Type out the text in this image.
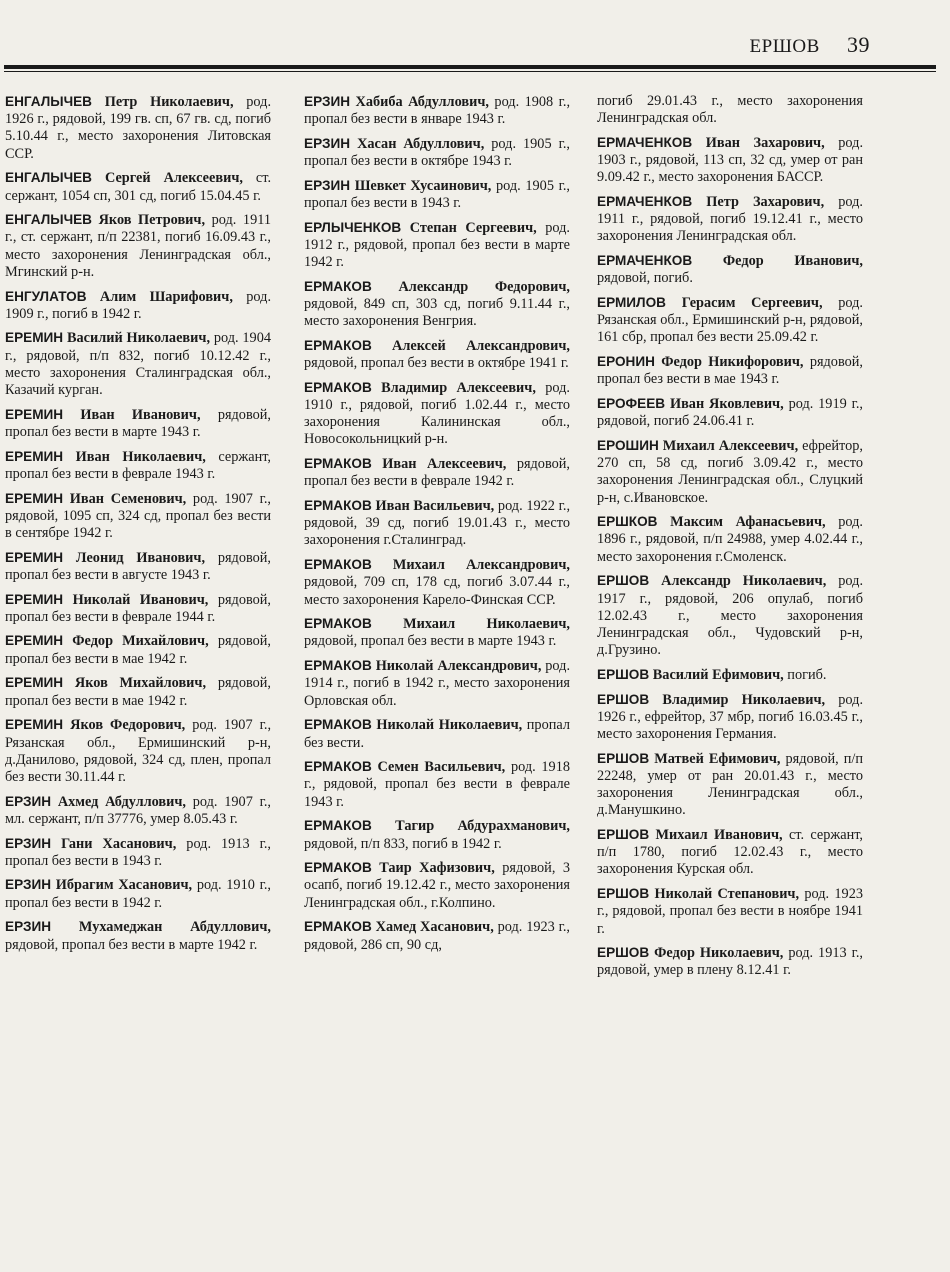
ЕРШОВ 39

ЕНГАЛЫЧЕВ Петр Николаевич, род. 1926 г., рядовой, 199 гв. сп, 67 гв. сд, погиб 5.10.44 г., место захоронения Литовская ССР.

ЕНГАЛЫЧЕВ Сергей Алексеевич, ст. сержант, 1054 сп, 301 сд, погиб 15.04.45 г.

ЕНГАЛЫЧЕВ Яков Петрович, род. 1911 г., ст. сержант, п/п 22381, погиб 16.09.43 г., место захоронения Ленинградская обл., Мгинский р-н.

ЕНГУЛАТОВ Алим Шарифович, род. 1909 г., погиб в 1942 г.

ЕРЕМИН Василий Николаевич, род. 1904 г., рядовой, п/п 832, погиб 10.12.42 г., место захоронения Сталинградская обл., Казачий курган.

ЕРЕМИН Иван Иванович, рядовой, пропал без вести в марте 1943 г.

ЕРЕМИН Иван Николаевич, сержант, пропал без вести в феврале 1943 г.

ЕРЕМИН Иван Семенович, род. 1907 г., рядовой, 1095 сп, 324 сд, пропал без вести в сентябре 1942 г.

ЕРЕМИН Леонид Иванович, рядовой, пропал без вести в августе 1943 г.

ЕРЕМИН Николай Иванович, рядовой, пропал без вести в феврале 1944 г.

ЕРЕМИН Федор Михайлович, рядовой, пропал без вести в мае 1942 г.

ЕРЕМИН Яков Михайлович, рядовой, пропал без вести в мае 1942 г.

ЕРЕМИН Яков Федорович, род. 1907 г., Рязанская обл., Ермишинский р-н, д.Данилово, рядовой, 324 сд, плен, пропал без вести 30.11.44 г.

ЕРЗИН Ахмед Абдуллович, род. 1907 г., мл. сержант, п/п 37776, умер 8.05.43 г.

ЕРЗИН Гани Хасанович, род. 1913 г., пропал без вести в 1943 г.

ЕРЗИН Ибрагим Хасанович, род. 1910 г., пропал без вести в 1942 г.

ЕРЗИН Мухамеджан Абдуллович, рядовой, пропал без вести в марте 1942 г.

ЕРЗИН Хабиба Абдуллович, род. 1908 г., пропал без вести в январе 1943 г.

ЕРЗИН Хасан Абдуллович, род. 1905 г., пропал без вести в октябре 1943 г.

ЕРЗИН Шевкет Хусаинович, род. 1905 г., пропал без вести в 1943 г.

ЕРЛЫЧЕНКОВ Степан Сергеевич, род. 1912 г., рядовой, пропал без вести в марте 1942 г.

ЕРМАКОВ Александр Федорович, рядовой, 849 сп, 303 сд, погиб 9.11.44 г., место захоронения Венгрия.

ЕРМАКОВ Алексей Александрович, рядовой, пропал без вести в октябре 1941 г.

ЕРМАКОВ Владимир Алексеевич, род. 1910 г., рядовой, погиб 1.02.44 г., место захоронения Калининская обл., Новосокольницкий р-н.

ЕРМАКОВ Иван Алексеевич, рядовой, пропал без вести в феврале 1942 г.

ЕРМАКОВ Иван Васильевич, род. 1922 г., рядовой, 39 сд, погиб 19.01.43 г., место захоронения г.Сталинград.

ЕРМАКОВ Михаил Александрович, рядовой, 709 сп, 178 сд, погиб 3.07.44 г., место захоронения Карело-Финская ССР.

ЕРМАКОВ Михаил Николаевич, рядовой, пропал без вести в марте 1943 г.

ЕРМАКОВ Николай Александрович, род. 1914 г., погиб в 1942 г., место захоронения Орловская обл.

ЕРМАКОВ Николай Николаевич, пропал без вести.

ЕРМАКОВ Семен Васильевич, род. 1918 г., рядовой, пропал без вести в феврале 1943 г.

ЕРМАКОВ Тагир Абдурахманович, рядовой, п/п 833, погиб в 1942 г.

ЕРМАКОВ Таир Хафизович, рядовой, 3 осапб, погиб 19.12.42 г., место захоронения Ленинградская обл., г.Колпино.

ЕРМАКОВ Хамед Хасанович, род. 1923 г., рядовой, 286 сп, 90 сд,

погиб 29.01.43 г., место захоронения Ленинградская обл.

ЕРМАЧЕНКОВ Иван Захарович, род. 1903 г., рядовой, 113 сп, 32 сд, умер от ран 9.09.42 г., место захоронения БАССР.

ЕРМАЧЕНКОВ Петр Захарович, род. 1911 г., рядовой, погиб 19.12.41 г., место захоронения Ленинградская обл.

ЕРМАЧЕНКОВ Федор Иванович, рядовой, погиб.

ЕРМИЛОВ Герасим Сергеевич, род. Рязанская обл., Ермишинский р-н, рядовой, 161 сбр, пропал без вести 25.09.42 г.

ЕРОНИН Федор Никифорович, рядовой, пропал без вести в мае 1943 г.

ЕРОФЕЕВ Иван Яковлевич, род. 1919 г., рядовой, погиб 24.06.41 г.

ЕРОШИН Михаил Алексеевич, ефрейтор, 270 сп, 58 сд, погиб 3.09.42 г., место захоронения Ленинградская обл., Слуцкий р-н, с.Ивановское.

ЕРШКОВ Максим Афанасьевич, род. 1896 г., рядовой, п/п 24988, умер 4.02.44 г., место захоронения г.Смоленск.

ЕРШОВ Александр Николаевич, род. 1917 г., рядовой, 206 опулаб, погиб 12.02.43 г., место захоронения Ленинградская обл., Чудовский р-н, д.Грузино.

ЕРШОВ Василий Ефимович, погиб.

ЕРШОВ Владимир Николаевич, род. 1926 г., ефрейтор, 37 мбр, погиб 16.03.45 г., место захоронения Германия.

ЕРШОВ Матвей Ефимович, рядовой, п/п 22248, умер от ран 20.01.43 г., место захоронения Ленинградская обл., д.Манушкино.

ЕРШОВ Михаил Иванович, ст. сержант, п/п 1780, погиб 12.02.43 г., место захоронения Курская обл.

ЕРШОВ Николай Степанович, род. 1923 г., рядовой, пропал без вести в ноябре 1941 г.

ЕРШОВ Федор Николаевич, род. 1913 г., рядовой, умер в плену 8.12.41 г.
